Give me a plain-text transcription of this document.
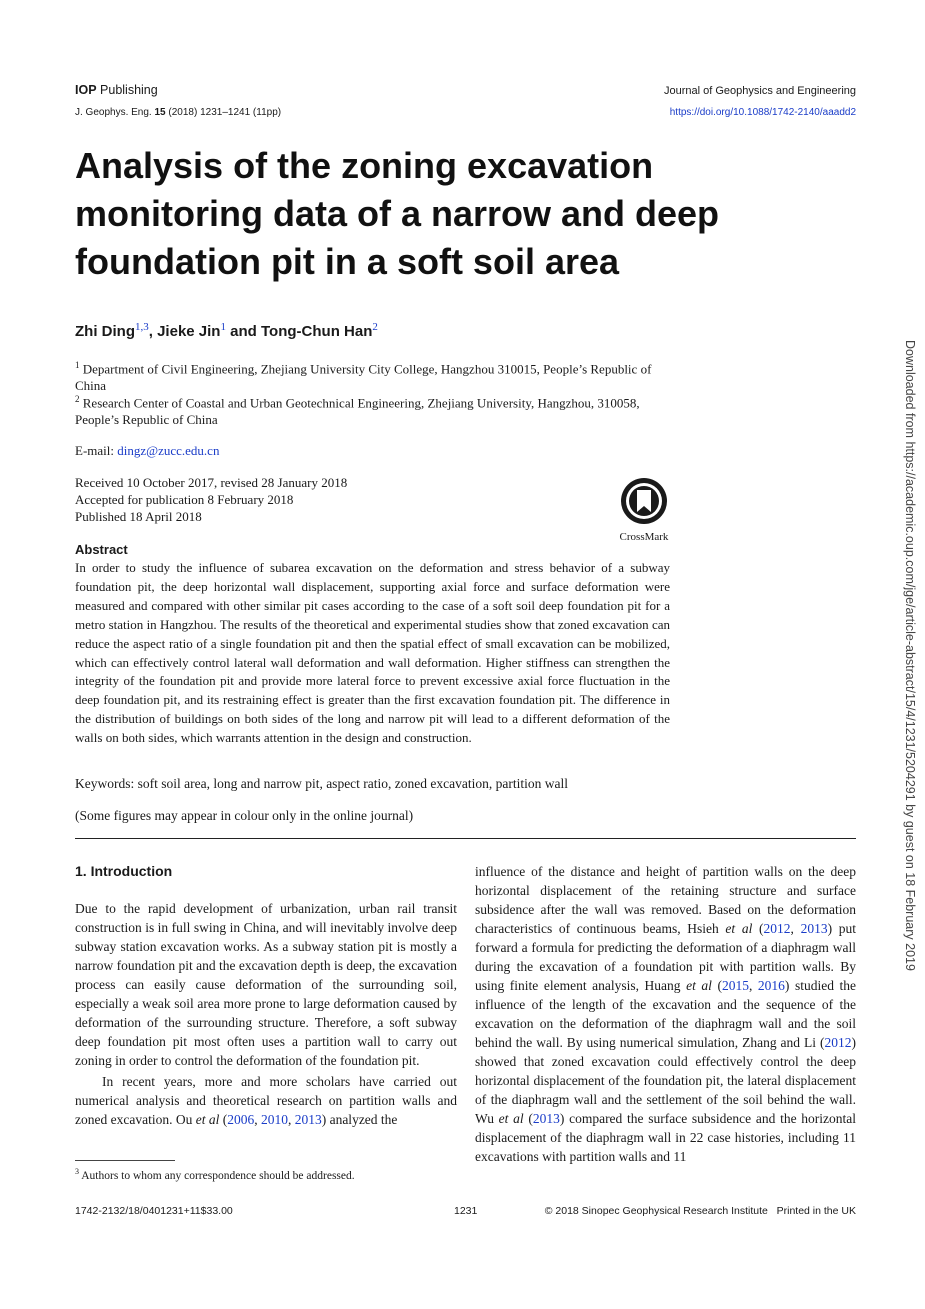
IOP Publishing	Journal of Geophysics and Engineering
J. Geophys. Eng. 15 (2018) 1231–1241 (11pp)	https://doi.org/10.1088/1742-2140/aaadd2
Analysis of the zoning excavation monitoring data of a narrow and deep foundation pit in a soft soil area
Zhi Ding$^{1,3}$, Jieke Jin$^1$ and Tong-Chun Han$^2$
$^1$ Department of Civil Engineering, Zhejiang University City College, Hangzhou 310015, People’s Republic of China
$^2$ Research Center of Coastal and Urban Geotechnical Engineering, Zhejiang University, Hangzhou, 310058, People’s Republic of China
E-mail: dingz@zucc.edu.cn
Received 10 October 2017, revised 28 January 2018
Accepted for publication 8 February 2018
Published 18 April 2018
CrossMark
Abstract
In order to study the influence of subarea excavation on the deformation and stress behavior of a subway foundation pit, the deep horizontal wall displacement, supporting axial force and surface deformation were measured and compared with other similar pit cases according to the case of a soft soil deep foundation pit for a metro station in Hangzhou. The results of the theoretical and experimental studies show that zoned excavation can reduce the aspect ratio of a single foundation pit and then the spatial effect of small excavation can be mobilized, which can effectively control lateral wall deformation and wall deformation. Higher stiffness can strengthen the integrity of the foundation pit and provide more lateral force to prevent excessive axial force fluctuation in the deep foundation pit, and its restraining effect is greater than the first excavation foundation pit. The difference in the distribution of buildings on both sides of the long and narrow pit will lead to a different deformation of the walls on both sides, which warrants attention in the design and construction.
Keywords: soft soil area, long and narrow pit, aspect ratio, zoned excavation, partition wall
(Some figures may appear in colour only in the online journal)
1. Introduction

Due to the rapid development of urbanization, urban rail transit construction is in full swing in China, and will inevitably involve deep subway station excavation works. As a subway station pit is mostly a narrow foundation pit and the excavation depth is deep, the excavation process can easily cause deformation of the surrounding soil, especially a weak soil area more prone to large deformation caused by deformation of the surrounding structure. Therefore, a soft subway deep foundation pit most often uses a partition wall to carry out zoning in order to control the deformation of the foundation pit.

In recent years, more and more scholars have carried out numerical analysis and theoretical research on partition walls and zoned excavation. Ou et al (2006, 2010, 2013) analyzed the

influence of the distance and height of partition walls on the deep horizontal displacement of the retaining structure and surface subsidence after the wall was removed. Based on the deformation characteristics of continuous beams, Hsieh et al (2012, 2013) put forward a formula for predicting the deformation of a diaphragm wall during the excavation of a foundation pit with partition walls. By using finite element analysis, Huang et al (2015, 2016) studied the influence of the length of the excavation and the sequence of the excavation on the deformation of the diaphragm wall and the soil behind the wall. By using numerical simulation, Zhang and Li (2012) showed that zoned excavation could effectively control the deep horizontal displacement of the foundation pit, the lateral displacement of the diaphragm wall and the settlement of the soil behind the wall. Wu et al (2013) compared the surface subsidence and the horizontal displacement of the diaphragm wall in 22 case histories, including 11 excavations with partition walls and 11
$^3$ Authors to whom any correspondence should be addressed.
1742-2132/18/0401231+11$33.00	1231	© 2018 Sinopec Geophysical Research Institute   Printed in the UK
Downloaded from https://academic.oup.com/jge/article-abstract/15/4/1231/5204291 by guest on 18 February 2019
